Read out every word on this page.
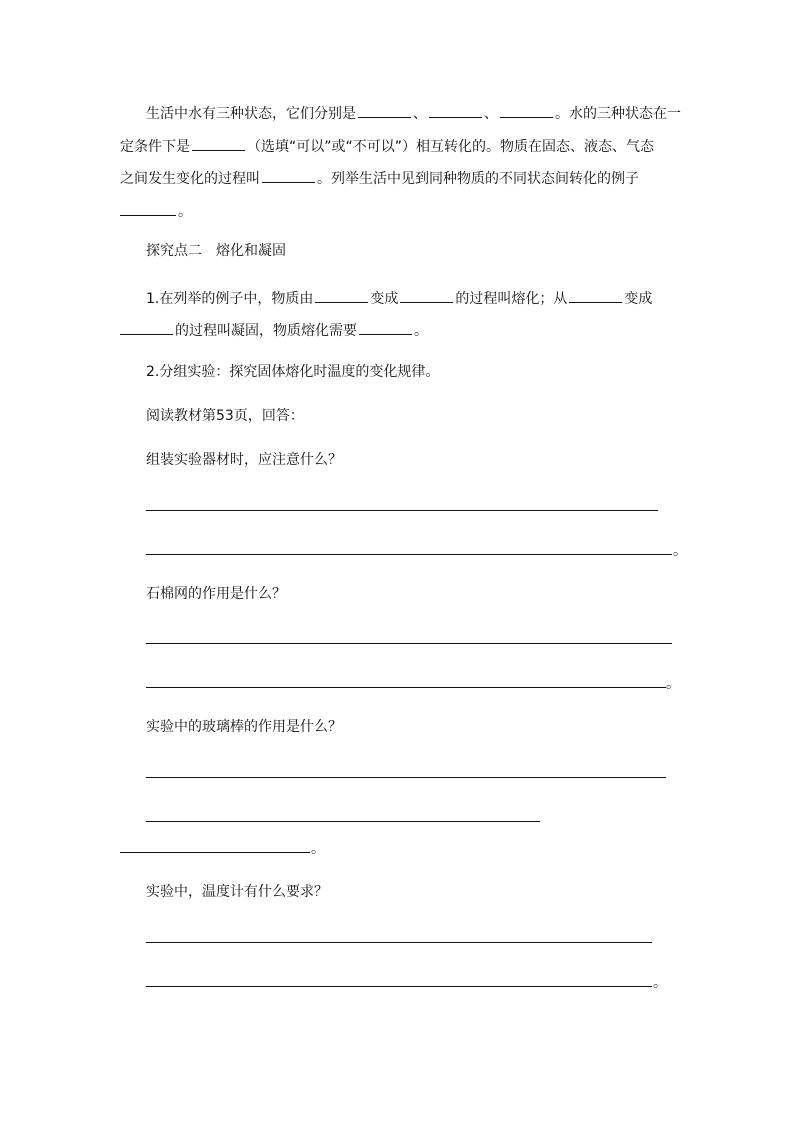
生活中水有三种状态，它们分别是	、	、	。水的三种状态在一
定条件下是	（选填“可以”或“不可以”）相互转化的。物质在固态、液态、气态
之间发生变化的过程叫	。列举生活中见到同种物质的不同状态间转化的例子
。
探究点二　熔化和凝固
1.在列举的例子中，物质由	变成	的过程叫熔化；从	变成
的过程叫凝固，物质熔化需要	。
2.分组实验：探究固体熔化时温度的变化规律。
阅读教材第53页，回答：
组装实验器材时，应注意什么？
。
石棉网的作用是什么？
。
实验中的玻璃棒的作用是什么？
。
实验中，温度计有什么要求？
。
